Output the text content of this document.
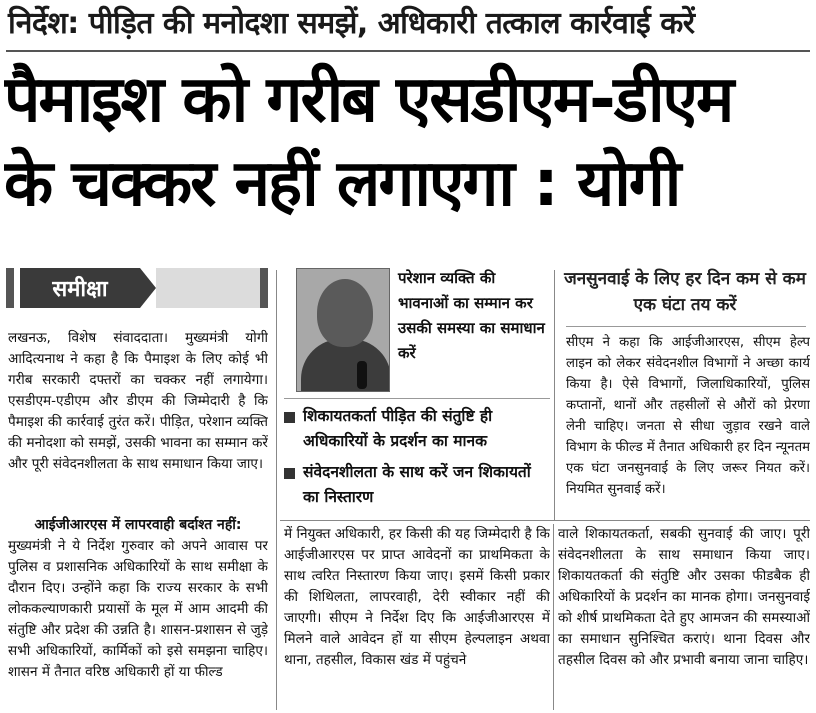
निर्देश: पीड़ित की मनोदशा समझें, अधिकारी तत्काल कार्रवाई करें
पैमाइश को गरीब एसडीएम-डीएम
के चक्कर नहीं लगाएगा : योगी
समीक्षा
लखनऊ, विशेष संवाददाता। मुख्यमंत्री योगी आदित्यनाथ ने कहा है कि पैमाइश के लिए कोई भी गरीब सरकारी दफ्तरों का चक्कर नहीं लगायेगा। एसडीएम-एडीएम और डीएम की जिम्मेदारी है कि पैमाइश की कार्रवाई तुरंत करें। पीड़ित, परेशान व्यक्ति की मनोदशा को समझें, उसकी भावना का सम्मान करें और पूरी संवेदनशीलता के साथ समाधान किया जाए।
आईजीआरएस में लापरवाही बर्दाश्त नहीं:
मुख्यमंत्री ने ये निर्देश गुरुवार को अपने आवास पर पुलिस व प्रशासनिक अधिकारियों के साथ समीक्षा के दौरान दिए। उन्होंने कहा कि राज्य सरकार के सभी लोककल्याणकारी प्रयासों के मूल में आम आदमी की संतुष्टि और प्रदेश की उन्नति है। शासन-प्रशासन से जुड़े सभी अधिकारियों, कार्मिकों को इसे समझना चाहिए। शासन में तैनात वरिष्ठ अधिकारी हों या फील्ड
परेशान व्यक्ति की भावनाओं का सम्मान कर उसकी समस्या का समाधान करें
शिकायतकर्ता पीड़ित की संतुष्टि ही अधिकारियों के प्रदर्शन का मानक
संवेदनशीलता के साथ करें जन शिकायतों का निस्तारण
जनसुनवाई के लिए हर दिन कम से कम एक घंटा तय करें
सीएम ने कहा कि आईजीआरएस, सीएम हेल्प लाइन को लेकर संवेदनशील विभागों ने अच्छा कार्य किया है। ऐसे विभागों, जिलाधिकारियों, पुलिस कप्तानों, थानों और तहसीलों से औरों को प्रेरणा लेनी चाहिए। जनता से सीधा जुड़ाव रखने वाले विभाग के फील्ड में तैनात अधिकारी हर दिन न्यूनतम एक घंटा जनसुनवाई के लिए जरूर नियत करें। नियमित सुनवाई करें।
में नियुक्त अधिकारी, हर किसी की यह जिम्मेदारी है कि आईजीआरएस पर प्राप्त आवेदनों का प्राथमिकता के साथ त्वरित निस्तारण किया जाए। इसमें किसी प्रकार की शिथिलता, लापरवाही, देरी स्वीकार नहीं की जाएगी। सीएम ने निर्देश दिए कि आईजीआरएस में मिलने वाले आवेदन हों या सीएम हेल्पलाइन अथवा थाना, तहसील, विकास खंड में पहुंचने
वाले शिकायतकर्ता, सबकी सुनवाई की जाए। पूरी संवेदनशीलता के साथ समाधान किया जाए। शिकायतकर्ता की संतुष्टि और उसका फीडबैक ही अधिकारियों के प्रदर्शन का मानक होगा। जनसुनवाई को शीर्ष प्राथमिकता देते हुए आमजन की समस्याओं का समाधान सुनिश्चित कराएं। थाना दिवस और तहसील दिवस को और प्रभावी बनाया जाना चाहिए।
